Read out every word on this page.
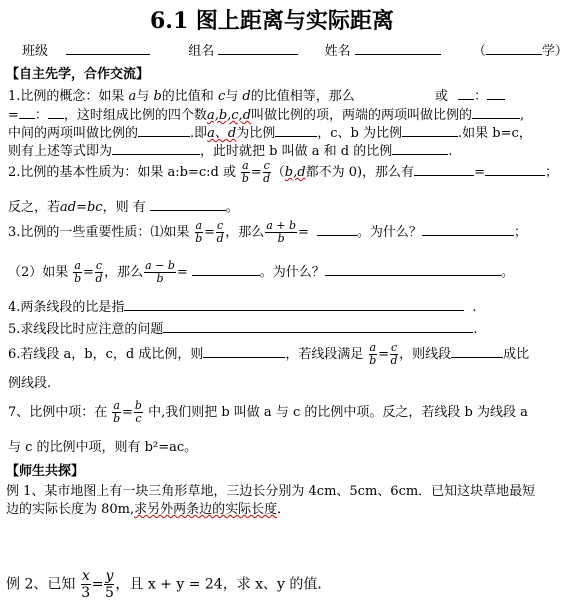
6.1 图上距离与实际距离
班级	组名	姓名	（	学）
【自主先学，合作交流】
1.比例的概念：如果 a与 b的比值和 c与 d的比值相等，那么	或 ：
= ： ，这时组成比例的四个数a,b,c,d叫做比例的项，两端的两项叫做比例的	,
中间的两项叫做比例的	.即a、d为比例	，c、b 为比例	.如果 b=c，
则有上述等式即为	，此时就把 b 叫做 a 和 d 的比例	.
2.比例的基本性质为：如果 a:b=c:d 或 $\frac{a}{b} = \frac{c}{d} (b,d$都不为 0)，那么有	=	；
反之，若ad=bc，则 有	。
3.比例的一些重要性质：⑴如果 $\frac{a}{b} = \frac{c}{d}$ ，那么 $\frac{a + b}{b}$ =	。为什么？	；
（2）如果 $\frac{a}{b} = \frac{c}{d}$ ，那么 $\frac{a - b}{b}$ =	。为什么？	。
4.两条线段的比是指	.
5.求线段比时应注意的问题	.
6.若线段 a，b，c，d 成比例，则	，若线段满足 $\frac{a}{b} = \frac{c}{d}$ ，则线段	成比
例线段.
7、比例中项：在 $\frac{a}{b} = \frac{b}{c}$ 中,我们则把 b 叫做 a 与 c 的比例中项。反之，若线段 b 为线段 a
与 c 的比例中项，则有 b²=ac。
【师生共探】
例 1、某市地图上有一块三角形草地，三边长分别为 4cm、5cm、6cm．已知这块草地最短
边的实际长度为 80m,求另外两条边的实际长度．
例 2、已知 $\frac{x}{3} = \frac{y}{5}$ ，且 x + y = 24，求 x、y 的值．
